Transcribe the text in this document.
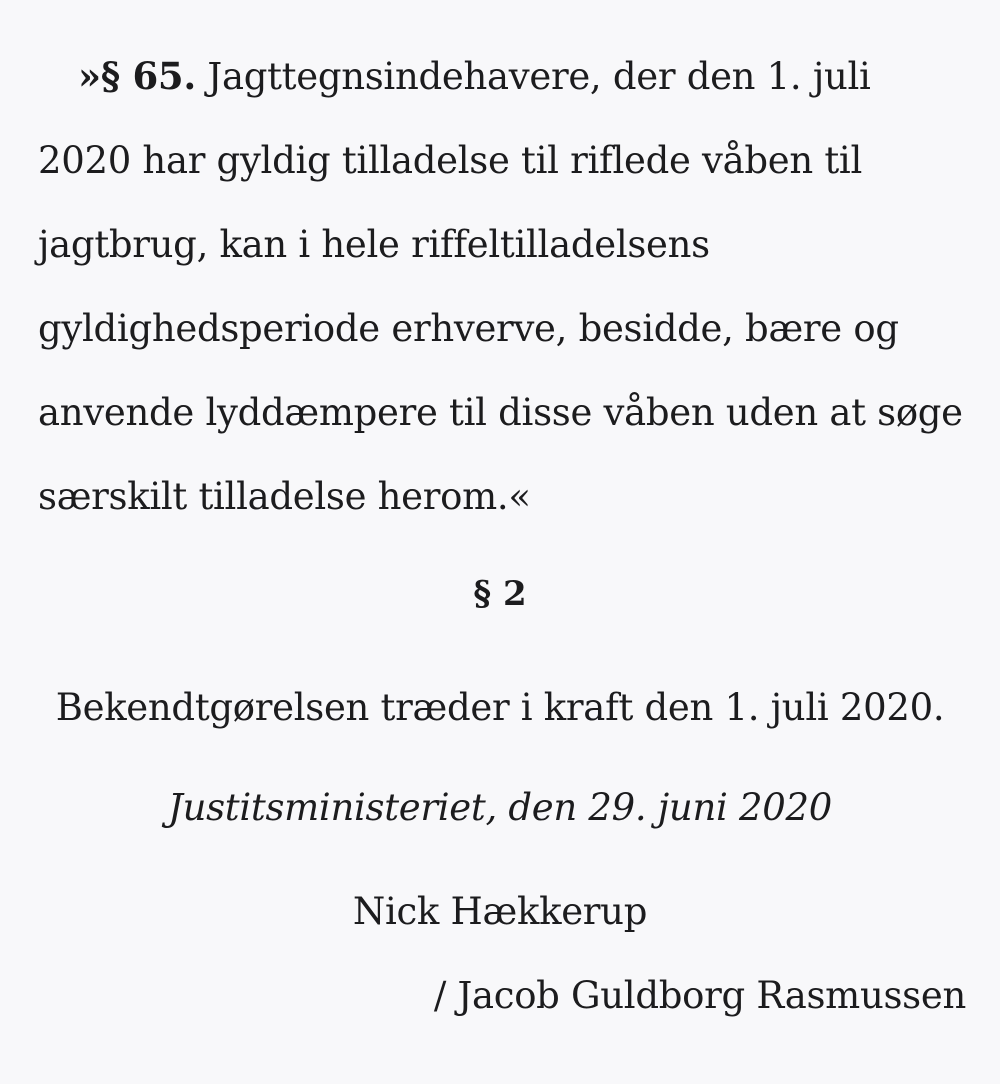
»§ 65. Jagttegnsindehavere, der den 1. juli 2020 har gyldig tilladelse til riflede våben til jagtbrug, kan i hele riffeltilladelsens gyldighedsperiode erhverve, besidde, bære og anvende lyddæmpere til disse våben uden at søge særskilt tilladelse herom.«

§ 2

Bekendtgørelsen træder i kraft den 1. juli 2020.

Justitsministeriet, den 29. juni 2020

Nick Hækkerup

/ Jacob Guldborg Rasmussen
